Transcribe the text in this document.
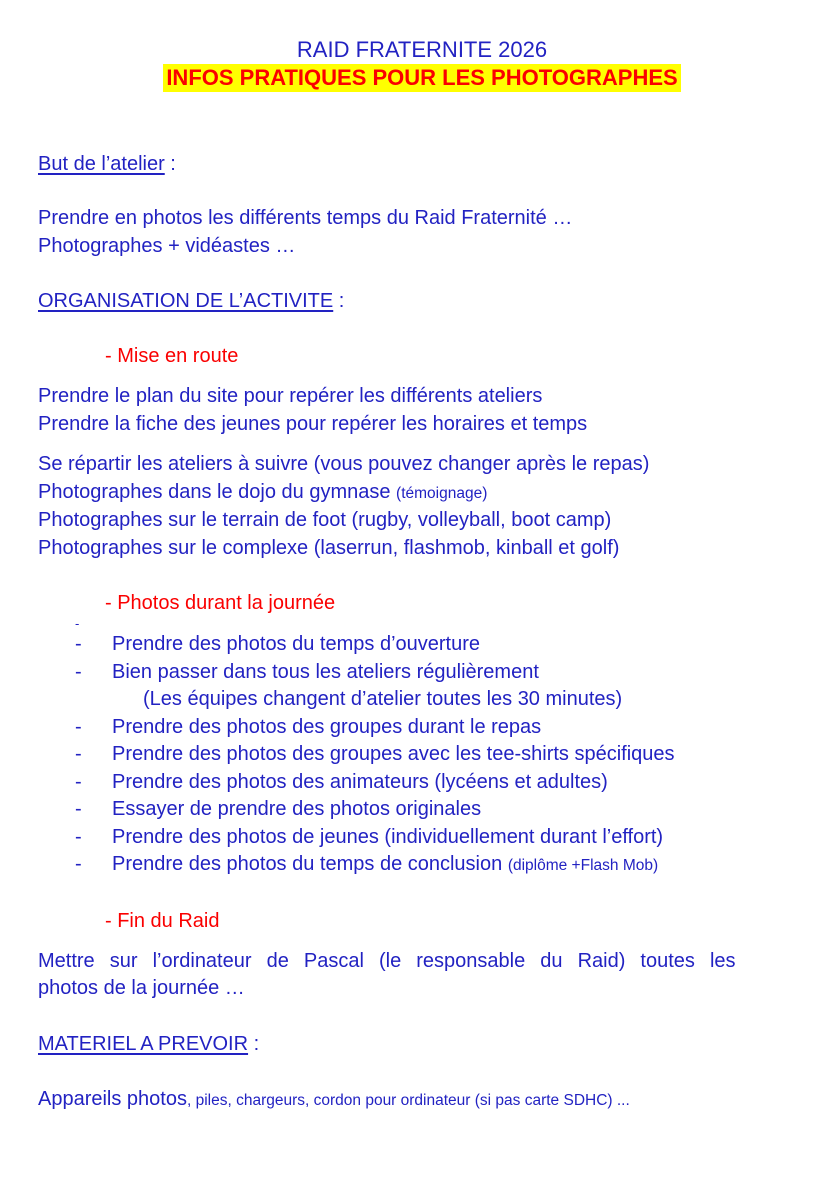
RAID FRATERNITE 2026

INFOS PRATIQUES POUR LES PHOTOGRAPHES

But de l’atelier :

Prendre en photos les différents temps du Raid Fraternité …

Photographes + vidéastes …

ORGANISATION DE L’ACTIVITE :

- Mise en route

Prendre le plan du site pour repérer les différents ateliers

Prendre la fiche des jeunes pour repérer les horaires et temps

Se répartir les ateliers à suivre (vous pouvez changer après le repas)

Photographes dans le dojo du gymnase (témoignage)

Photographes sur le terrain de foot (rugby, volleyball, boot camp)

Photographes sur le complexe (laserrun, flashmob, kinball et golf)

- Photos durant la journée

-

- Prendre des photos du temps d’ouverture
- Bien passer dans tous les ateliers régulièrement
(Les équipes changent d’atelier toutes les 30 minutes)
- Prendre des photos des groupes durant le repas
- Prendre des photos des groupes avec les tee-shirts spécifiques
- Prendre des photos des animateurs (lycéens et adultes)
- Essayer de prendre des photos originales
- Prendre des photos de jeunes (individuellement durant l’effort)
- Prendre des photos du temps de conclusion (diplôme +Flash Mob)

- Fin du Raid

Mettre sur l’ordinateur de Pascal (le responsable du Raid) toutes les
photos de la journée …

MATERIEL A PREVOIR :

Appareils photos, piles, chargeurs, cordon pour ordinateur (si pas carte SDHC) ...
